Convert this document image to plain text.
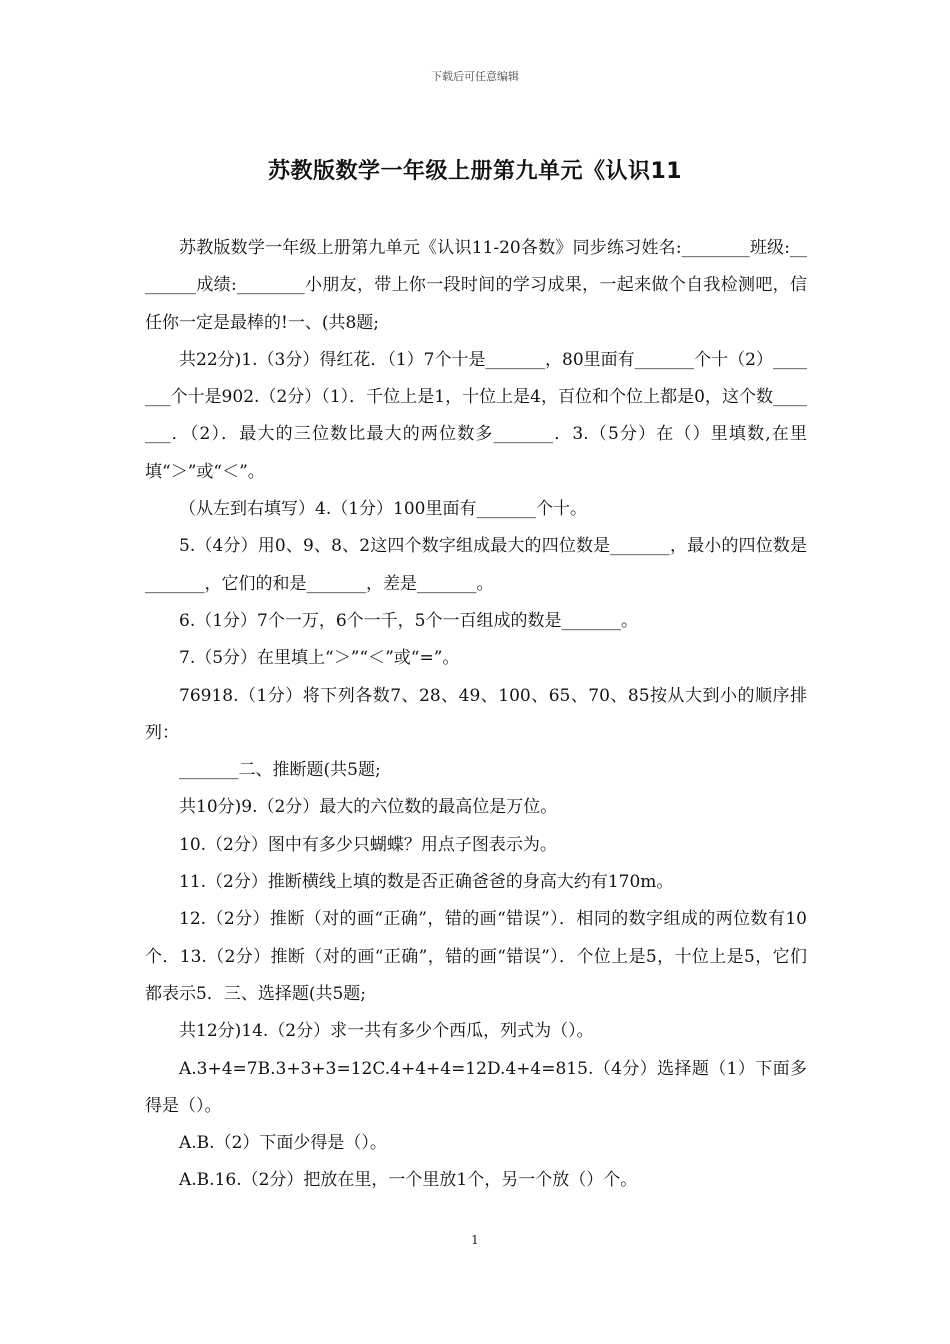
下载后可任意编辑
苏教版数学一年级上册第九单元《认识11

苏教版数学一年级上册第九单元《认识11-20各数》同步练习姓名:________班级:________成绩:________小朋友，带上你一段时间的学习成果，一起来做个自我检测吧，信任你一定是最棒的!一、(共8题;

共22分)1.（3分）得红花．（1）7个十是_______，80里面有_______个十（2）_______个十是902.（2分）（1）．千位上是1，十位上是4，百位和个位上都是0，这个数_______．（2）．最大的三位数比最大的两位数多_______．3.（5分）在（）里填数,在里填“＞”或“＜”。

（从左到右填写）4.（1分）100里面有_______个十。

5.（4分）用0、9、8、2这四个数字组成最大的四位数是_______，最小的四位数是_______，它们的和是_______，差是_______。

6.（1分）7个一万，6个一千，5个一百组成的数是_______。

7.（5分）在里填上“＞”“＜”或“=”。

76918.（1分）将下列各数7、28、49、100、65、70、85按从大到小的顺序排列：

_______二、推断题(共5题;

共10分)9.（2分）最大的六位数的最高位是万位。

10.（2分）图中有多少只蝴蝶？用点子图表示为。

11.（2分）推断横线上填的数是否正确爸爸的身高大约有170m。

12.（2分）推断（对的画“正确”，错的画“错误”）．相同的数字组成的两位数有10个．13.（2分）推断（对的画“正确”，错的画“错误”）．个位上是5，十位上是5，它们都表示5．三、选择题(共5题;

共12分)14.（2分）求一共有多少个西瓜，列式为（）。

A.3+4=7B.3+3+3=12C.4+4+4=12D.4+4=815.（4分）选择题（1）下面多得是（）。

A.B.（2）下面少得是（）。

A.B.16.（2分）把放在里，一个里放1个，另一个放（）个。

1
